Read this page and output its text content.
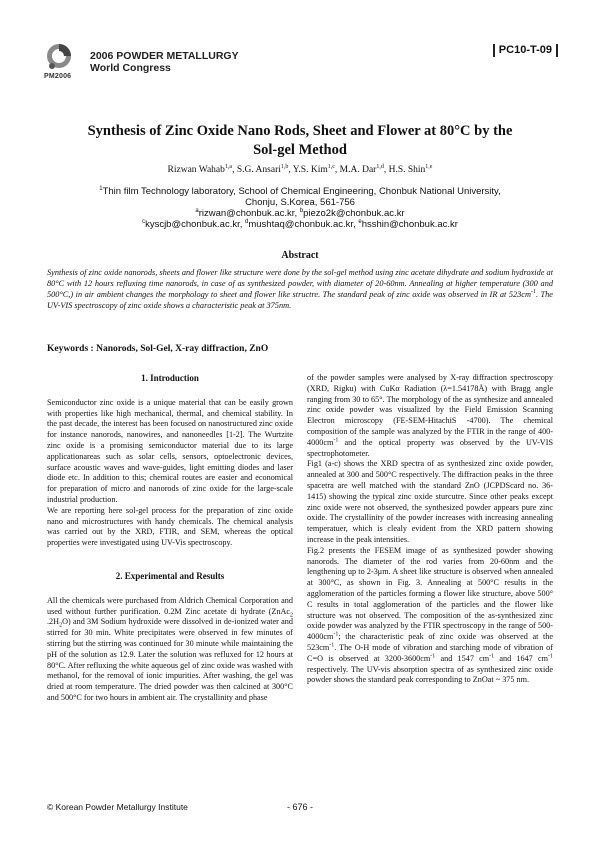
PM2006
2006 POWDER METALLURGY
World Congress
PC10-T-09
Synthesis of Zinc Oxide Nano Rods, Sheet and Flower at 80°C by the
Sol-gel Method
Rizwan Wahab$^{1,a}$, S.G. Ansari$^{1,b}$, Y.S. Kim$^{1,c}$, M.A. Dar$^{1,d}$, H.S. Shin$^{1,e}$
$^1$Thin film Technology laboratory, School of Chemical Engineering, Chonbuk National University,
Chonju, S.Korea, 561-756
$^a$rizwan@chonbuk.ac.kr, $^b$piezo2k@chonbuk.ac.kr
$^c$kyscjb@chonbuk.ac.kr, $^d$mushtaq@chonbuk.ac.kr, $^e$hsshin@chonbuk.ac.kr
Abstract

Synthesis of zinc oxide nanorods, sheets and flower like structure were done by the sol-gel method using zinc acetate dihydrate and sodium hydroxide at 80°C with 12 hours refluxing time nanorods, in case of as synthesized powder, with diameter of 20-60nm. Annealing at higher temperature (300 and 500°C,) in air ambient changes the morphology to sheet and flower like structre. The standard peak of zinc oxide was observed in IR at $523cm^{-1}$. The UV-VIS spectroscopy of zinc oxide shows a characteristic peak at 375nm.

Keywords : Nanorods, Sol-Gel, X-ray diffraction, ZnO

1. Introduction

Semiconductor zinc oxide is a unique material that can be easily grown with properties like high mechanical, thermal, and chemical stability. In the past decade, the interest has been focused on nanostructured zinc oxide for instance nanorods, nanowires, and nanoneedles [1-2]. The Wurtzite zinc oxide is a promising semiconductor material due to its large applicationareas such as solar cells, sensors, optoelectronic devices, surface acoustic waves and wave-guides, light emitting diodes and laser diode etc. In addition to this; chemical routes are easier and economical for preparation of micro and nanorods of zinc oxide for the large-scale industrial production.

We are reporting here sol-gel process for the preparation of zinc oxide nano and microstructures with handy chemicals. The chemical analysis was carried out by the XRD, FTIR, and SEM, whereas the optical properties were investigated using UV-Vis spectroscopy.

2. Experimental and Results

All the chemicals were purchased from Aldrich Chemical Corporation and used without further purification. 0.2M Zinc acetate di hydrate (ZnAc$_2$ $.2H_2O$) and 3M Sodium hydroxide were dissolved in de-ionized water and stirred for 30 min. White precipitates were observed in few minutes of stirring but the stirring was continued for 30 minute while maintaining the pH of the solution as 12.9. Later the solution was refluxed for 12 hours at 80°C. After refluxing the white aqueous gel of zinc oxide was washed with methanol, for the removal of ionic impurities. After washing, the gel was dried at room temperature. The dried powder was then calcined at 300°C and 500°C for two hours in ambient air. The crystallinity and phase

of the powder samples were analysed by X-ray diffraction spectroscopy (XRD, Rigku) with CuKα Radiation (λ=1.54178Å) with Bragg angle ranging from 30 to 65°. The morphology of the as synthesize and annealed zinc oxide powder was visualized by the Field Emission Scanning Electron microscopy (FE-SEM-HitachiS -4700). The chemical composition of the sample was analyzed by the FTIR in the range of $400-4000cm^{-1}$ and the optical property was observed by the UV-VIS spectrophotometer.

Fig1 (a-c) shows the XRD spectra of as synthesized zinc oxide powder, annealed at 300 and 500°C respectively. The diffraction peaks in the three spacetra are well matched with the standard ZnO (JCPDScard no. 36-1415) showing the typical zinc oxide sturcutre. Since other peaks except zinc oxide were not observed, the synthesized powder appears pure zinc oxide. The crystallinity of the powder increases with increasing annealing temperatuer, which is clealy evident from the XRD pattern showing increase in the peak intensities.

Fig.2 presents the FESEM image of as synthesized powder showing nanorods. The diameter of the rod varies from 20-60nm and the lengthening up to 2-3μm. A sheet like structure is observed when annealed at 300°C, as shown in Fig. 3. Annealing at 500°C results in the agglomeration of the particles forming a flower like structure, above 500° C results in total agglomeration of the particles and the flower like structure was not observed. The composition of the as-synthesized zinc oxide powder was analyzed by the FTIR spectroscopy in the range of $500-4000cm^{-1}$; the characteristic peak of zinc oxide was observed at the $523cm^{-1}$. The O-H mode of vibration and starching mode of vibration of C=O is observed at $3200-3600cm^{-1}$ and 1547 $cm^{-1}$ and 1647 $cm^{-1}$ respectively. The UV-vis absorption spectra of as synthesized zinc oxide powder shows the standard peak corresponding to ZnOat ~ 375 nm.

© Korean Powder Metallurgy Institute	- 676 -
